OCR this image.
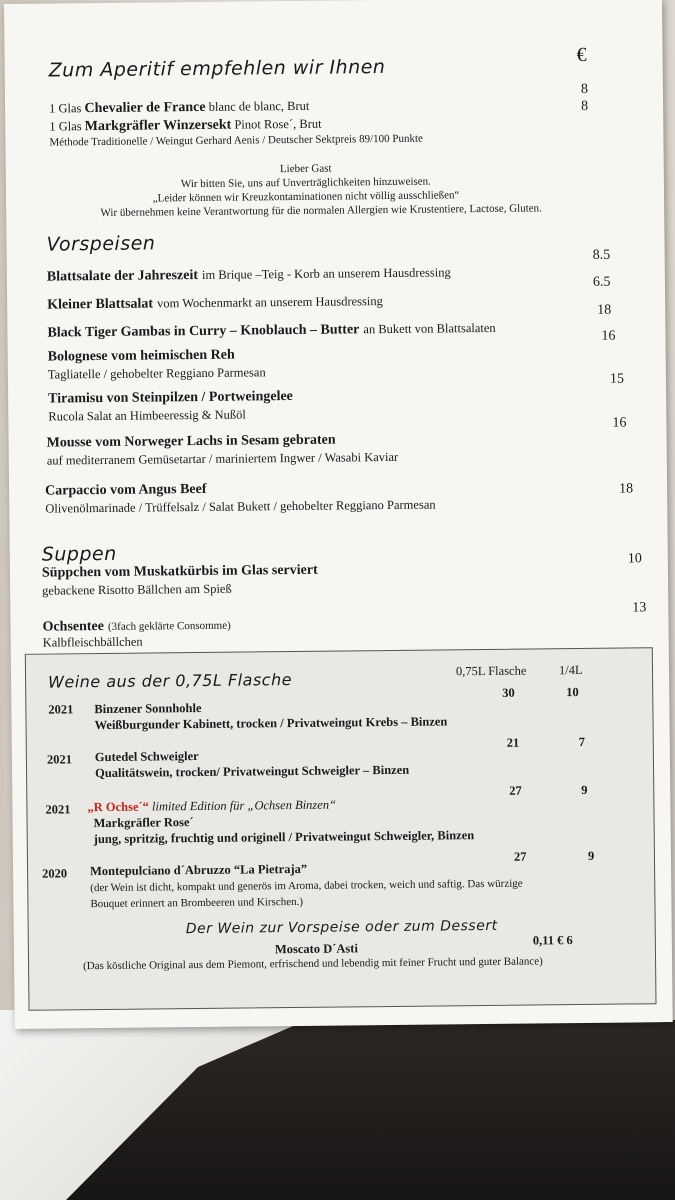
Zum Aperitif empfehlen wir Ihnen
€
1 Glas Chevalier de France blanc de blanc, Brut
8
1 Glas Markgräfler Winzersekt Pinot Rose´, Brut
8
Méthode Traditionelle / Weingut Gerhard Aenis / Deutscher Sektpreis 89/100 Punkte
Lieber Gast
Wir bitten Sie, uns auf Unverträglichkeiten hinzuweisen.
„Leider können wir Kreuzkontaminationen nicht völlig ausschließen“
Wir übernehmen keine Verantwortung für die normalen Allergien wie Krustentiere, Lactose, Gluten.
Vorspeisen
Blattsalate der Jahreszeit im Brique –Teig - Korb an unserem Hausdressing
8.5
Kleiner Blattsalat vom Wochenmarkt an unserem Hausdressing
6.5
Black Tiger Gambas in Curry – Knoblauch – Butter an Bukett von Blattsalaten
18
Bolognese vom heimischen Reh
Tagliatelle / gehobelter Reggiano Parmesan
16
Tiramisu von Steinpilzen / Portweingelee
Rucola Salat an Himbeeressig & Nußöl
15
Mousse vom Norweger Lachs in Sesam gebraten
auf mediterranem Gemüsetartar / mariniertem Ingwer / Wasabi Kaviar
16
Carpaccio vom Angus Beef
Olivenölmarinade / Trüffelsalz / Salat Bukett / gehobelter Reggiano Parmesan
18
Suppen
Süppchen vom Muskatkürbis im Glas serviert
gebackene Risotto Bällchen am Spieß
10
Ochsentee (3fach geklärte Consomme)
Kalbfleischbällchen
13
Weine aus der 0,75L Flasche	0,75L Flasche	1/4L
2021 Binzener Sonnhohle
Weißburgunder Kabinett, trocken / Privatweingut Krebs – Binzen
30	10
2021 Gutedel Schweigler
Qualitätswein, trocken/ Privatweingut Schweigler – Binzen
21	7
2021 „R Ochse´“ limited Edition für „Ochsen Binzen“
Markgräfler Rose´
jung, spritzig, fruchtig und originell / Privatweingut Schweigler, Binzen
27	9
2020 Montepulciano d´Abruzzo “La Pietraja”
(der Wein ist dicht, kompakt und generös im Aroma, dabei trocken, weich und saftig. Das würzige
Bouquet erinnert an Brombeeren und Kirschen.)
27	9
Der Wein zur Vorspeise oder zum Dessert
Moscato D´Asti
0,11 € 6
(Das köstliche Original aus dem Piemont, erfrischend und lebendig mit feiner Frucht und guter Balance)
